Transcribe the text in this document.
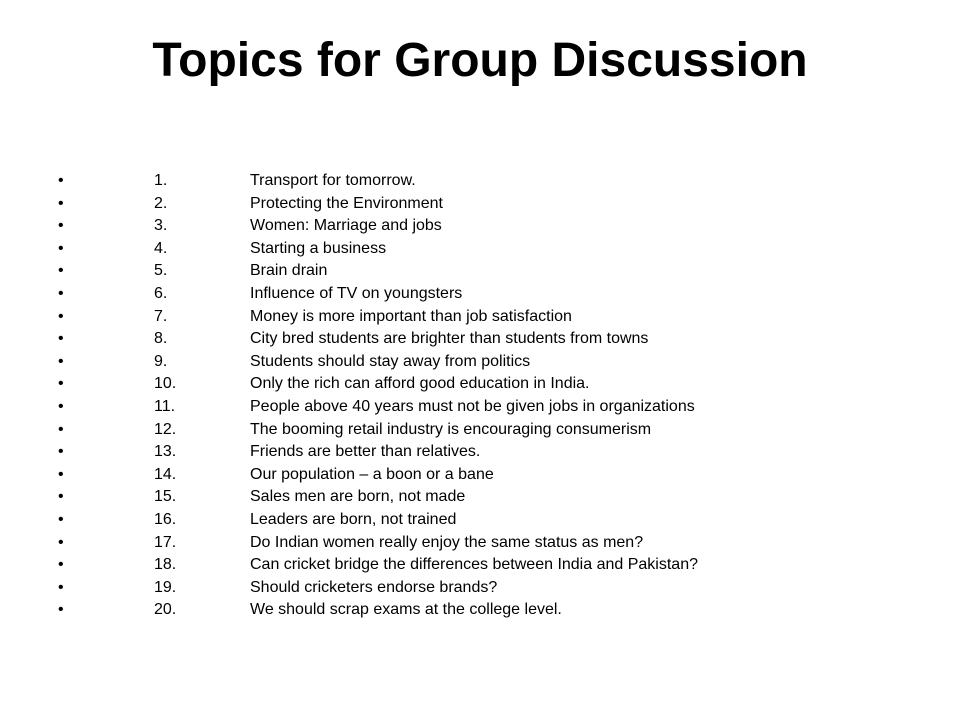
Topics for Group Discussion
•	1.	Transport for tomorrow.
•	2.	Protecting the Environment
•	3.	Women: Marriage and jobs
•	4.	Starting a business
•	5.	Brain drain
•	6.	Influence of TV on youngsters
•	7.	Money is more important than job satisfaction
•	8.	City bred students are brighter than students from towns
•	9.	Students should stay away from politics
•	10.	Only the rich can afford good education in India.
•	11.	People above 40 years must not be given jobs in organizations
•	12.	The booming retail industry is encouraging consumerism
•	13.	Friends are better than relatives.
•	14.	Our population – a boon or a bane
•	15.	Sales men are born, not made
•	16.	Leaders are born, not trained
•	17.	Do Indian women really enjoy the same status as men?
•	18.	Can cricket bridge the differences between India and Pakistan?
•	19.	Should cricketers endorse brands?
•	20.	We should scrap exams at the college level.
